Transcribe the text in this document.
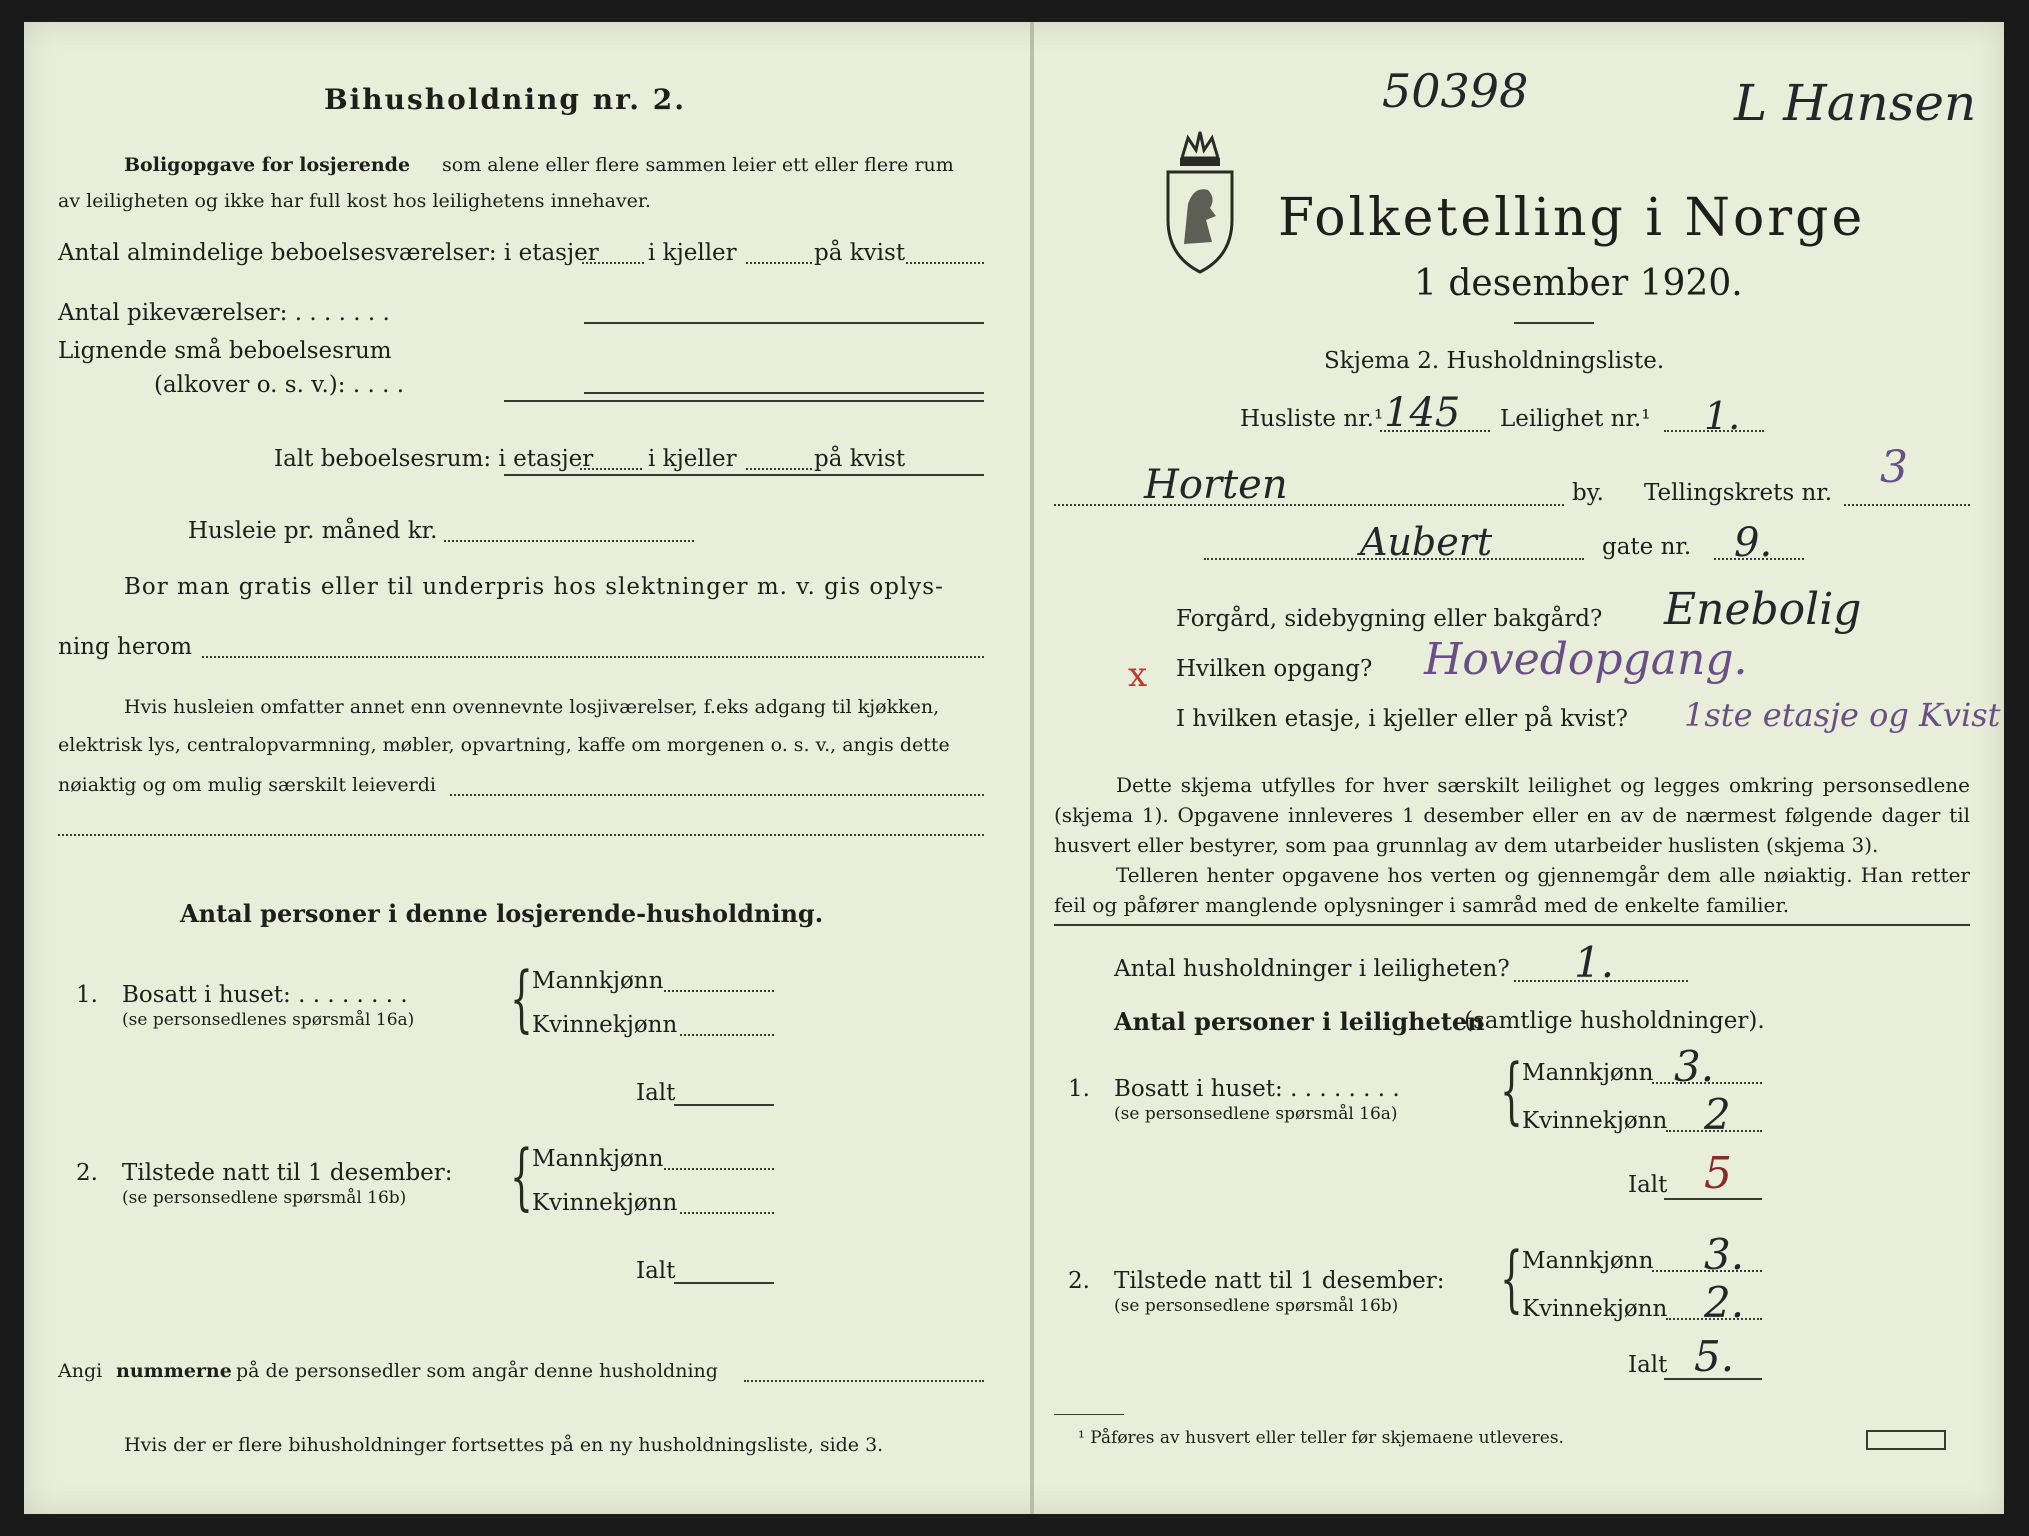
Bihusholdning nr. 2.
Boligopgave for losjerende som alene eller flere sammen leier ett eller flere rum
av leiligheten og ikke har full kost hos leilighetens innehaver.
Antal almindelige beboelsesværelser: i etasjer i kjeller	på kvist
Antal pikeværelser: . . . . . . .
Lignende små beboelsesrum
(alkover o. s. v.): . . . .
Ialt beboelsesrum: i etasjer i kjeller	på kvist
Husleie pr. måned kr.
Bor man gratis eller til underpris hos slektninger m. v. gis oplys-
ning herom
Hvis husleien omfatter annet enn ovennevnte losjiværelser, f.eks adgang til kjøkken,
elektrisk lys, centralopvarmning, møbler, opvartning, kaffe om morgenen o. s. v., angis dette
nøiaktig og om mulig særskilt leieverdi
Antal personer i denne losjerende-husholdning.
1. Bosatt i huset: . . . . . . . .
(se personsedlenes spørsmål 16a) { Mannkjønn
Kvinnekjønn
Ialt
2. Tilstede natt til 1 desember:
(se personsedlene spørsmål 16b) { Mannkjønn
Kvinnekjønn
Ialt
Angi nummerne på de personsedler som angår denne husholdning
Hvis der er flere bihusholdninger fortsettes på en ny husholdningsliste, side 3.
50398	L Hansen
Folketelling i Norge
1 desember 1920.
Skjema 2. Husholdningsliste.
Husliste nr.¹ 145 Leilighet nr.¹ 1.
Horten	by. Tellingskrets nr. 3
Aubert	gate nr. 9.
Forgård, sidebygning eller bakgård? Enebolig
x Hvilken opgang? Hovedopgang.
I hvilken etasje, i kjeller eller på kvist? 1ste etasje og Kvist
Dette skjema utfylles for hver særskilt leilighet og legges omkring personsedlene (skjema 1). Opgavene innleveres 1 desember eller en av de nærmest følgende dager til husvert eller bestyrer, som paa grunnlag av dem utarbeider huslisten (skjema 3).
Telleren henter opgavene hos verten og gjennemgår dem alle nøiaktig. Han retter feil og påfører manglende oplysninger i samråd med de enkelte familier.
Antal husholdninger i leiligheten? 1.
Antal personer i leiligheten
(samtlige husholdninger).
1. Bosatt i huset: . . . . . . . .
(se personsedlene spørsmål 16a) { Mannkjønn 3.
Kvinnekjønn 2
Ialt 5
2. Tilstede natt til 1 desember:
(se personsedlene spørsmål 16b) { Mannkjønn 3.
Kvinnekjønn 2.
Ialt 5.
¹ Påføres av husvert eller teller før skjemaene utleveres.
